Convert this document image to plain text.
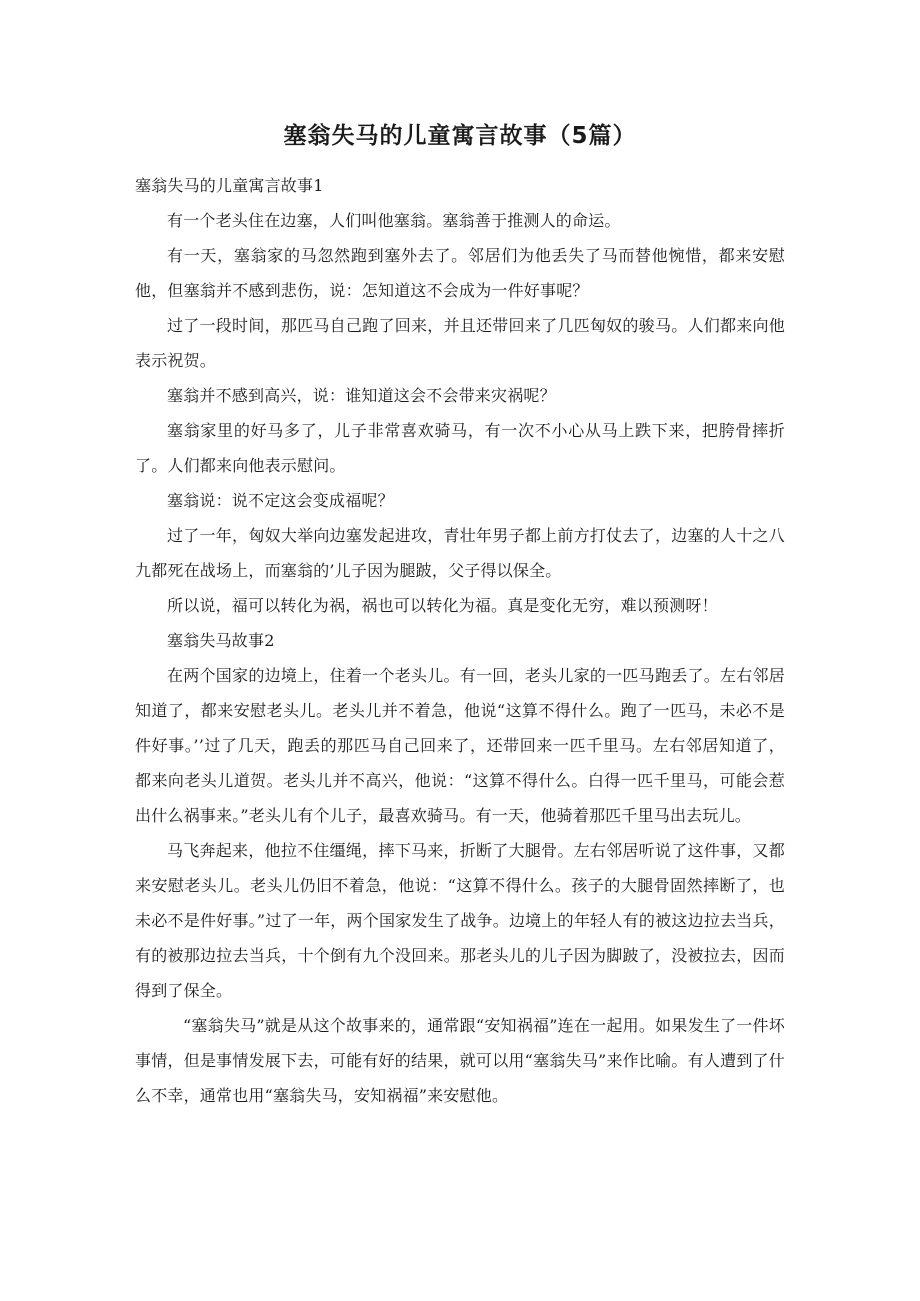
塞翁失马的儿童寓言故事（5篇）

塞翁失马的儿童寓言故事1

有一个老头住在边塞，人们叫他塞翁。塞翁善于推测人的命运。

有一天，塞翁家的马忽然跑到塞外去了。邻居们为他丢失了马而替他惋惜，都来安慰他，但塞翁并不感到悲伤，说：怎知道这不会成为一件好事呢？

过了一段时间，那匹马自己跑了回来，并且还带回来了几匹匈奴的骏马。人们都来向他表示祝贺。

塞翁并不感到高兴，说：谁知道这会不会带来灾祸呢？

塞翁家里的好马多了，儿子非常喜欢骑马，有一次不小心从马上跌下来，把胯骨摔折了。人们都来向他表示慰问。

塞翁说：说不定这会变成福呢？

过了一年，匈奴大举向边塞发起进攻，青壮年男子都上前方打仗去了，边塞的人十之八九都死在战场上，而塞翁的’儿子因为腿跛，父子得以保全。

所以说，福可以转化为祸，祸也可以转化为福。真是变化无穷，难以预测呀！

塞翁失马故事2

在两个国家的边境上，住着一个老头儿。有一回，老头儿家的一匹马跑丢了。左右邻居知道了，都来安慰老头儿。老头儿并不着急，他说“这算不得什么。跑了一匹马，未必不是件好事。’’过了几天，跑丢的那匹马自己回来了，还带回来一匹千里马。左右邻居知道了，都来向老头儿道贺。老头儿并不高兴，他说：“这算不得什么。白得一匹千里马，可能会惹出什么祸事来。”老头儿有个儿子，最喜欢骑马。有一天，他骑着那匹千里马出去玩儿。

马飞奔起来，他拉不住缰绳，摔下马来，折断了大腿骨。左右邻居听说了这件事，又都来安慰老头儿。老头儿仍旧不着急，他说：“这算不得什么。孩子的大腿骨固然摔断了，也未必不是件好事。”过了一年，两个国家发生了战争。边境上的年轻人有的被这边拉去当兵，有的被那边拉去当兵，十个倒有九个没回来。那老头儿的儿子因为脚跛了，没被拉去，因而得到了保全。

“塞翁失马”就是从这个故事来的，通常跟“安知祸福”连在一起用。如果发生了一件坏事情，但是事情发展下去，可能有好的结果，就可以用“塞翁失马”来作比喻。有人遭到了什么不幸，通常也用“塞翁失马，安知祸福”来安慰他。
